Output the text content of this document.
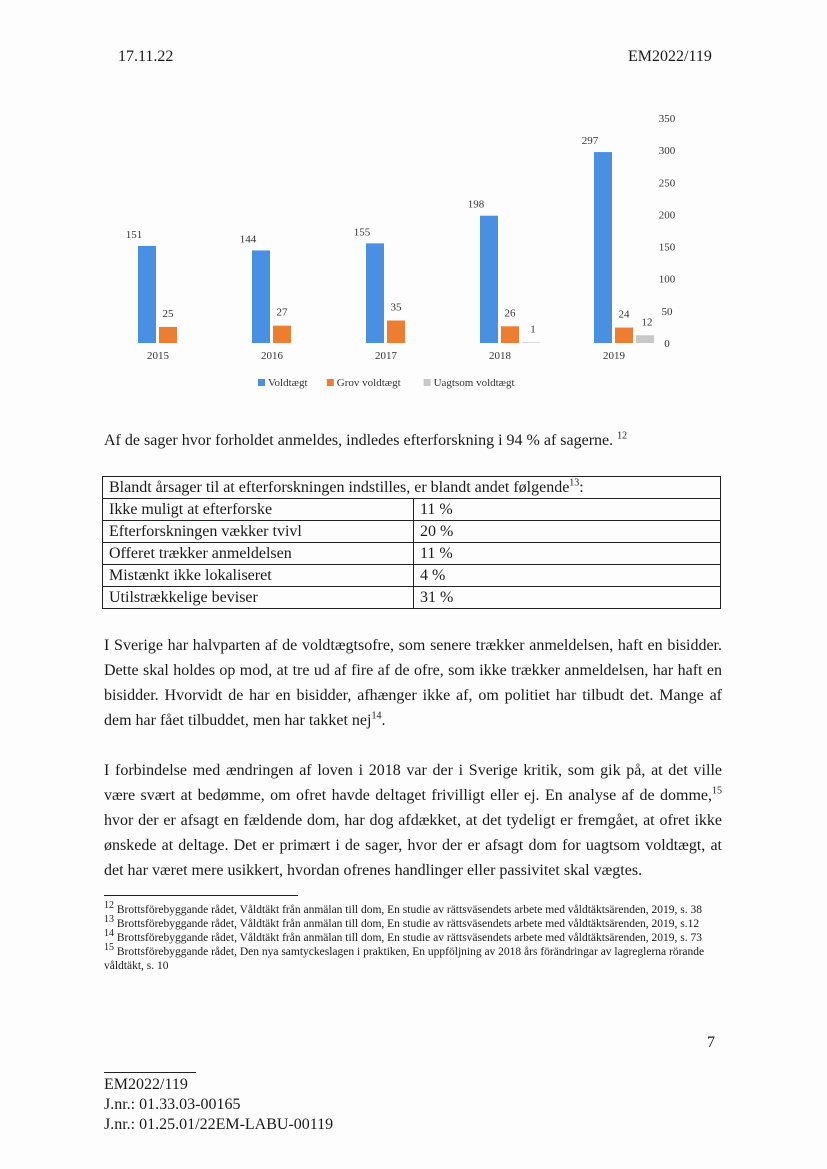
17.11.22	EM2022/119
151
25
2015
144
27
2016
155
35
2017
198
26
1
2018
297
24
12
2019
0
50
100
150
200
250
300
350
Voldtægt	Grov voldtægt	Uagtsom voldtægt

Af de sager hvor forholdet anmeldes, indledes efterforskning i 94 % af sagerne. $^{12}$

Blandt årsager til at efterforskningen indstilles, er blandt andet følgende$^{13}$:	
Ikke muligt at efterforske	11 %
Efterforskningen vækker tvivl	20 %
Offeret trækker anmeldelsen	11 %
Mistænkt ikke lokaliseret	4 %
Utilstrækkelige beviser	31 %

I Sverige har halvparten af de voldtægtsofre, som senere trækker anmeldelsen, haft en bisidder. Dette skal holdes op mod, at tre ud af fire af de ofre, som ikke trækker anmeldelsen, har haft en bisidder. Hvorvidt de har en bisidder, afhænger ikke af, om politiet har tilbudt det. Mange af dem har fået tilbuddet, men har takket nej$^{14}$.

I forbindelse med ændringen af loven i 2018 var der i Sverige kritik, som gik på, at det ville være svært at bedømme, om ofret havde deltaget frivilligt eller ej. En analyse af de domme,$^{15}$ hvor der er afsagt en fældende dom, har dog afdækket, at det tydeligt er fremgået, at ofret ikke ønskede at deltage. Det er primært i de sager, hvor der er afsagt dom for uagtsom voldtægt, at det har været mere usikkert, hvordan ofrenes handlinger eller passivitet skal vægtes.

$^{12}$ Brottsförebyggande rådet, Våldtäkt från anmälan till dom, En studie av rättsväsendets arbete med våldtäktsärenden, 2019, s. 38
$^{13}$ Brottsförebyggande rådet, Våldtäkt från anmälan till dom, En studie av rättsväsendets arbete med våldtäktsärenden, 2019, s.12
$^{14}$ Brottsförebyggande rådet, Våldtäkt från anmälan till dom, En studie av rättsväsendets arbete med våldtäktsärenden, 2019, s. 73
$^{15}$ Brottsförebyggande rådet, Den nya samtyckeslagen i praktiken, En uppföljning av 2018 års förändringar av lagreglerna rörande våldtäkt, s. 10
7
EM2022/119
J.nr.: 01.33.03-00165
J.nr.: 01.25.01/22EM-LABU-00119
